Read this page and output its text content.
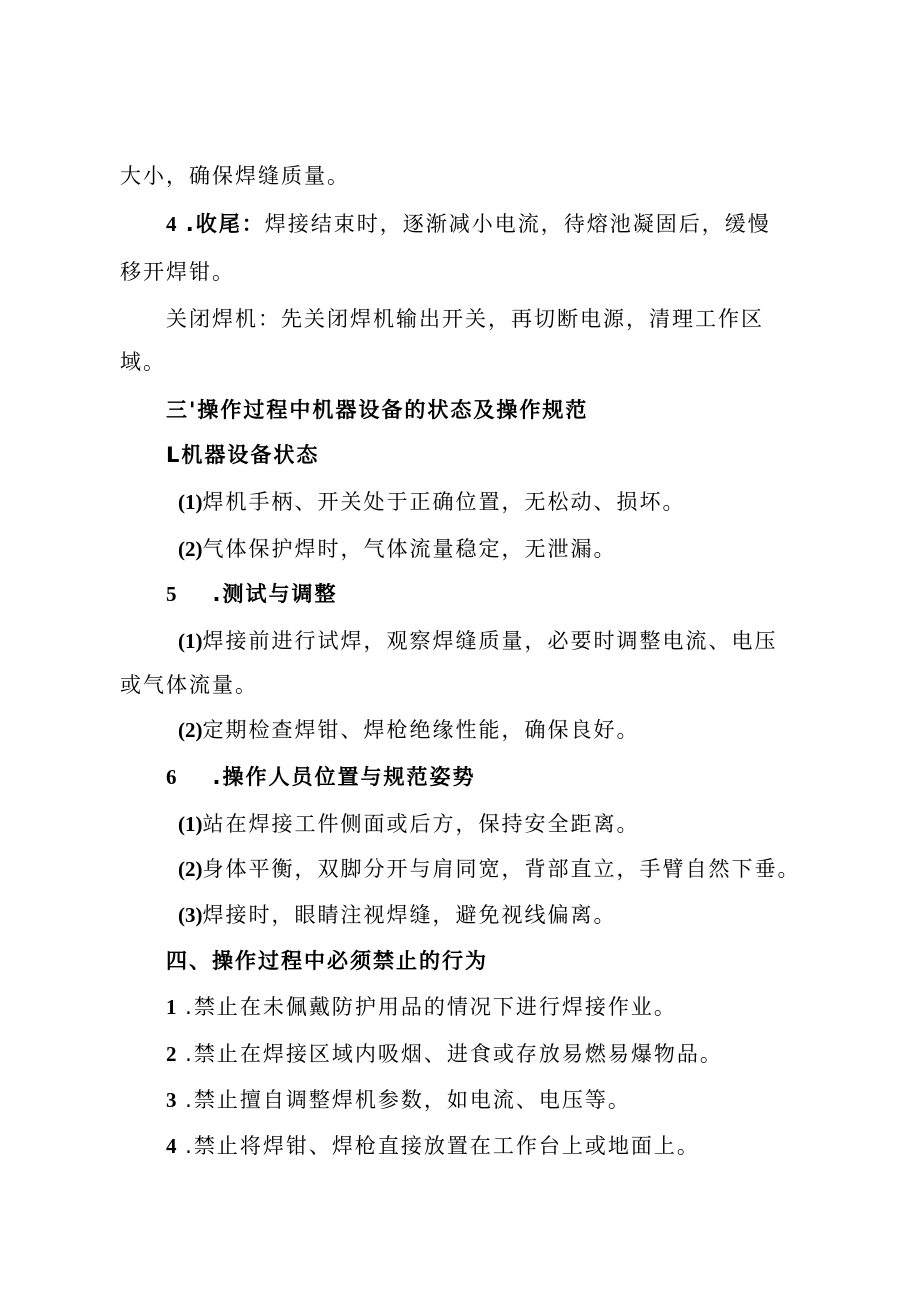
大小，确保焊缝质量。
4 .收尾：焊接结束时，逐渐减小电流，待熔池凝固后，缓慢
移开焊钳。
关闭焊机：先关闭焊机输出开关，再切断电源，清理工作区
域。
三'操作过程中机器设备的状态及操作规范
L机器设备状态
(1)焊机手柄、开关处于正确位置，无松动、损坏。
(2)气体保护焊时，气体流量稳定，无泄漏。
5 .测试与调整
(1)焊接前进行试焊，观察焊缝质量，必要时调整电流、电压
或气体流量。
(2)定期检查焊钳、焊枪绝缘性能，确保良好。
6 .操作人员位置与规范姿势
(1)站在焊接工件侧面或后方，保持安全距离。
(2)身体平衡，双脚分开与肩同宽，背部直立，手臂自然下垂。
(3)焊接时，眼睛注视焊缝，避免视线偏离。
四、操作过程中必须禁止的行为
1 .禁止在未佩戴防护用品的情况下进行焊接作业。
2 .禁止在焊接区域内吸烟、进食或存放易燃易爆物品。
3 .禁止擅自调整焊机参数，如电流、电压等。
4 .禁止将焊钳、焊枪直接放置在工作台上或地面上。
